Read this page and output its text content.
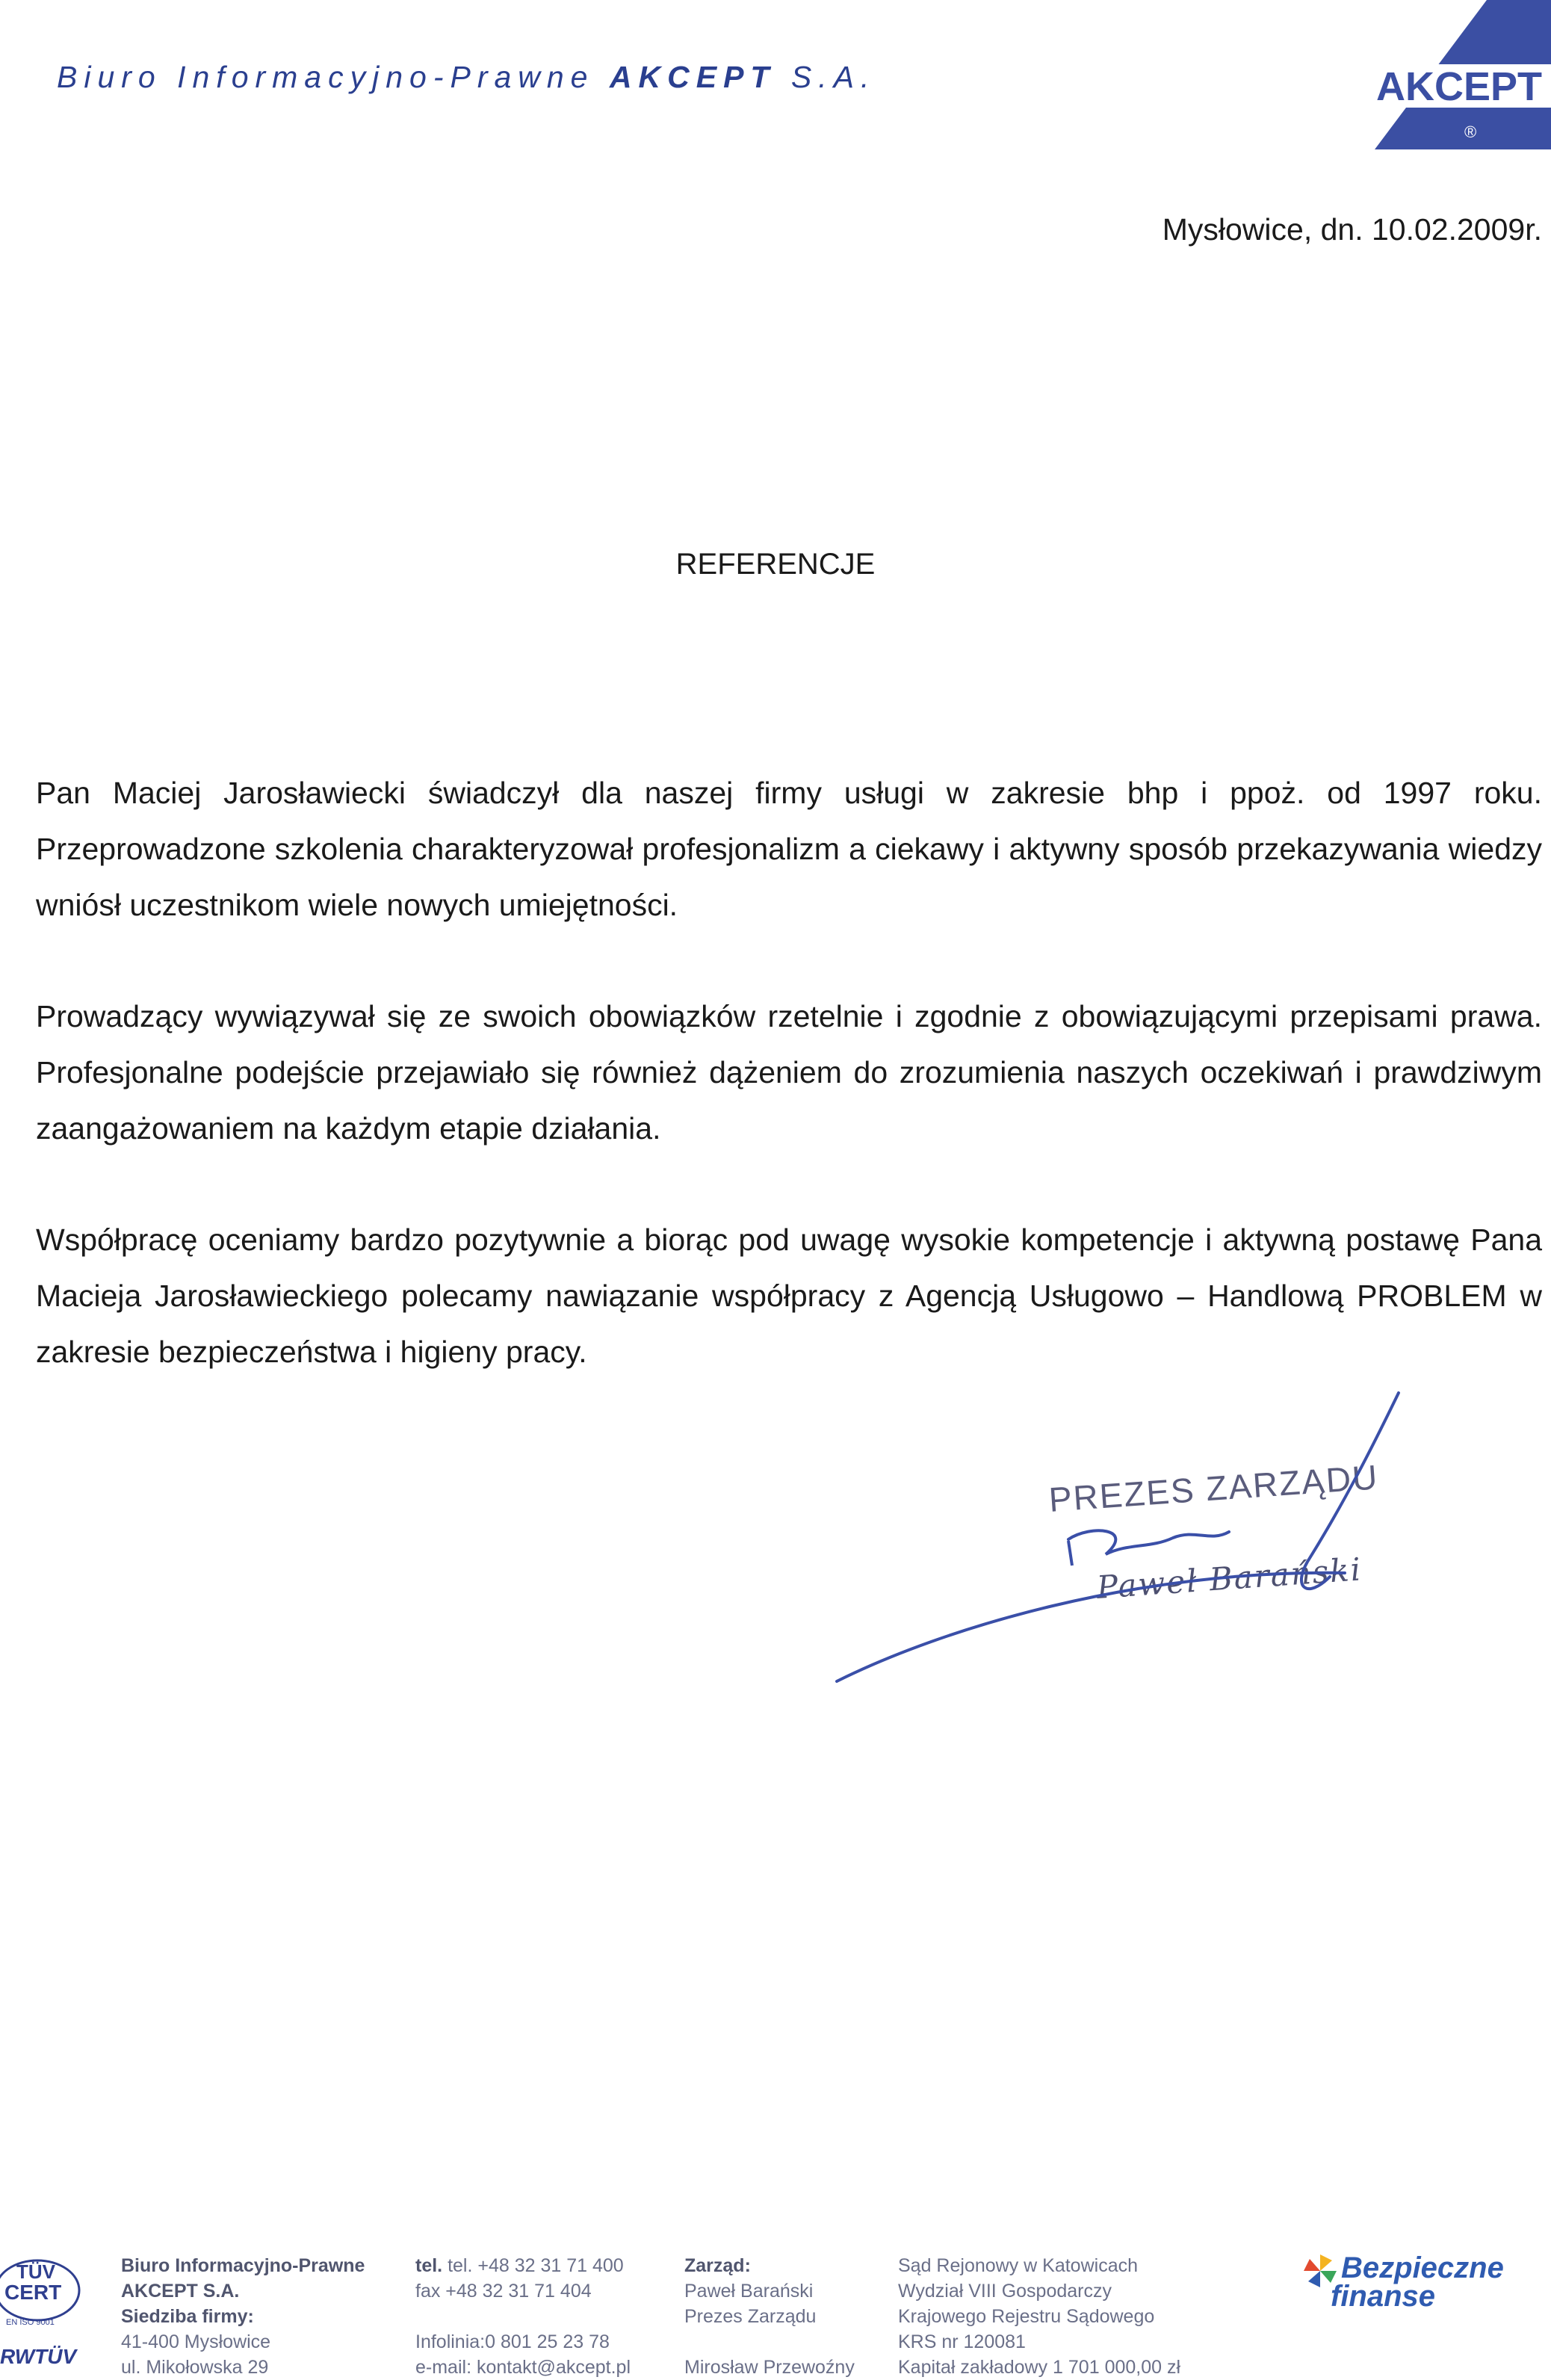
Biuro Informacyjno-Prawne AKCEPT S.A.	AKCEPT
®
Mysłowice, dn. 10.02.2009r.
REFERENCJE

Pan Maciej Jarosławiecki świadczył dla naszej firmy usługi w zakresie bhp i ppoż. od 1997 roku. Przeprowadzone szkolenia charakteryzował profesjonalizm a ciekawy i aktywny sposób przekazywania wiedzy wniósł uczestnikom wiele nowych umiejętności.

Prowadzący wywiązywał się ze swoich obowiązków rzetelnie i zgodnie z obowiązującymi przepisami prawa. Profesjonalne podejście przejawiało się również dążeniem do zrozumienia naszych oczekiwań i prawdziwym zaangażowaniem na każdym etapie działania.

Współpracę oceniamy bardzo pozytywnie a biorąc pod uwagę wysokie kompetencje i aktywną postawę Pana Macieja Jarosławieckiego polecamy nawiązanie współpracy z Agencją Usługowo – Handlową PROBLEM w zakresie bezpieczeństwa i higieny pracy.

PREZES ZARZĄDU
Paweł Barański
TÜV
CERT
EN ISO 9001
RWTÜV
Biuro Informacyjno-Prawne
AKCEPT S.A.
Siedziba firmy:
41-400 Mysłowice
ul. Mikołowska 29
tel. tel. +48 32 31 71 400
fax +48 32 31 71 404

Infolinia:0 801 25 23 78
e-mail: kontakt@akcept.pl
Zarząd:
Paweł Barański
Prezes Zarządu

Mirosław Przewoźny
Sąd Rejonowy w Katowicach
Wydział VIII Gospodarczy
Krajowego Rejestru Sądowego
KRS nr 120081
Kapitał zakładowy 1 701 000,00 zł
Bezpieczne
finanse
